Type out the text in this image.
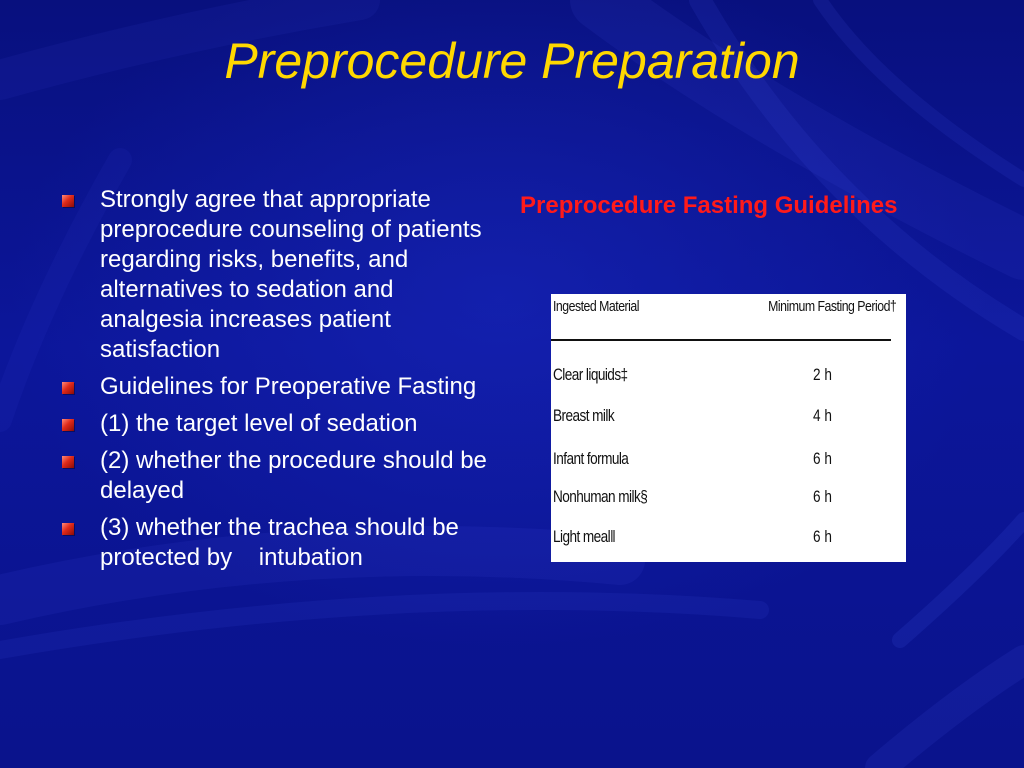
Preprocedure Preparation
Strongly agree that appropriate preprocedure counseling of patients regarding risks, benefits, and alternatives to sedation and analgesia increases patient satisfaction
Guidelines for Preoperative Fasting
(1) the target level of sedation
(2) whether the procedure should be delayed
(3) whether the trachea should be protected by    intubation
Preprocedure Fasting Guidelines
Ingested Material	Minimum Fasting Period†
Clear liquids‡	2 h
Breast milk	4 h
Infant formula	6 h
Nonhuman milk§	6 h
Light meal‖	6 h
